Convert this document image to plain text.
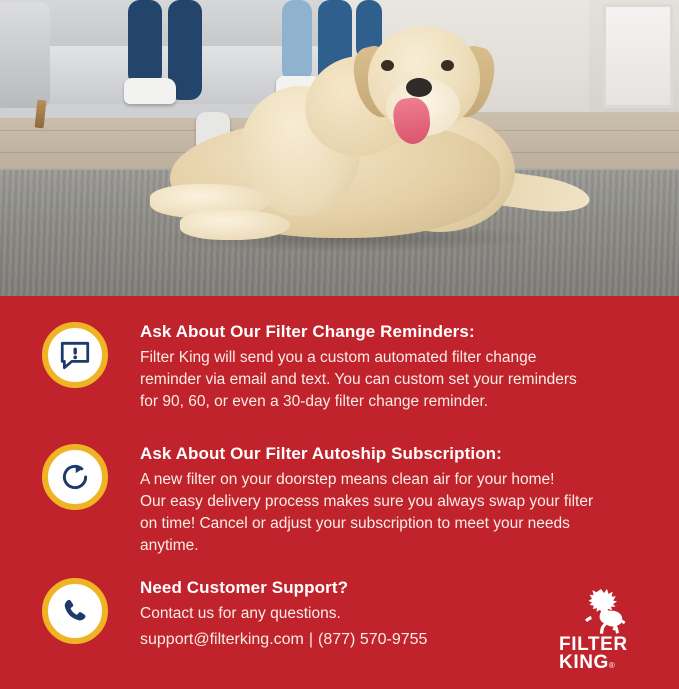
Ask About Our Filter Change Reminders:

Filter King will send you a custom automated filter change

reminder via email and text. You can custom set your reminders

for 90, 60, or even a 30-day filter change reminder.

Ask About Our Filter Autoship Subscription:

A new filter on your doorstep means clean air for your home!

Our easy delivery process makes sure you always swap your filter

on time! Cancel or adjust your subscription to meet your needs

anytime.

Need Customer Support?

Contact us for any questions.

support@filterking.com | (877) 570-9755	FILTER
KING®
